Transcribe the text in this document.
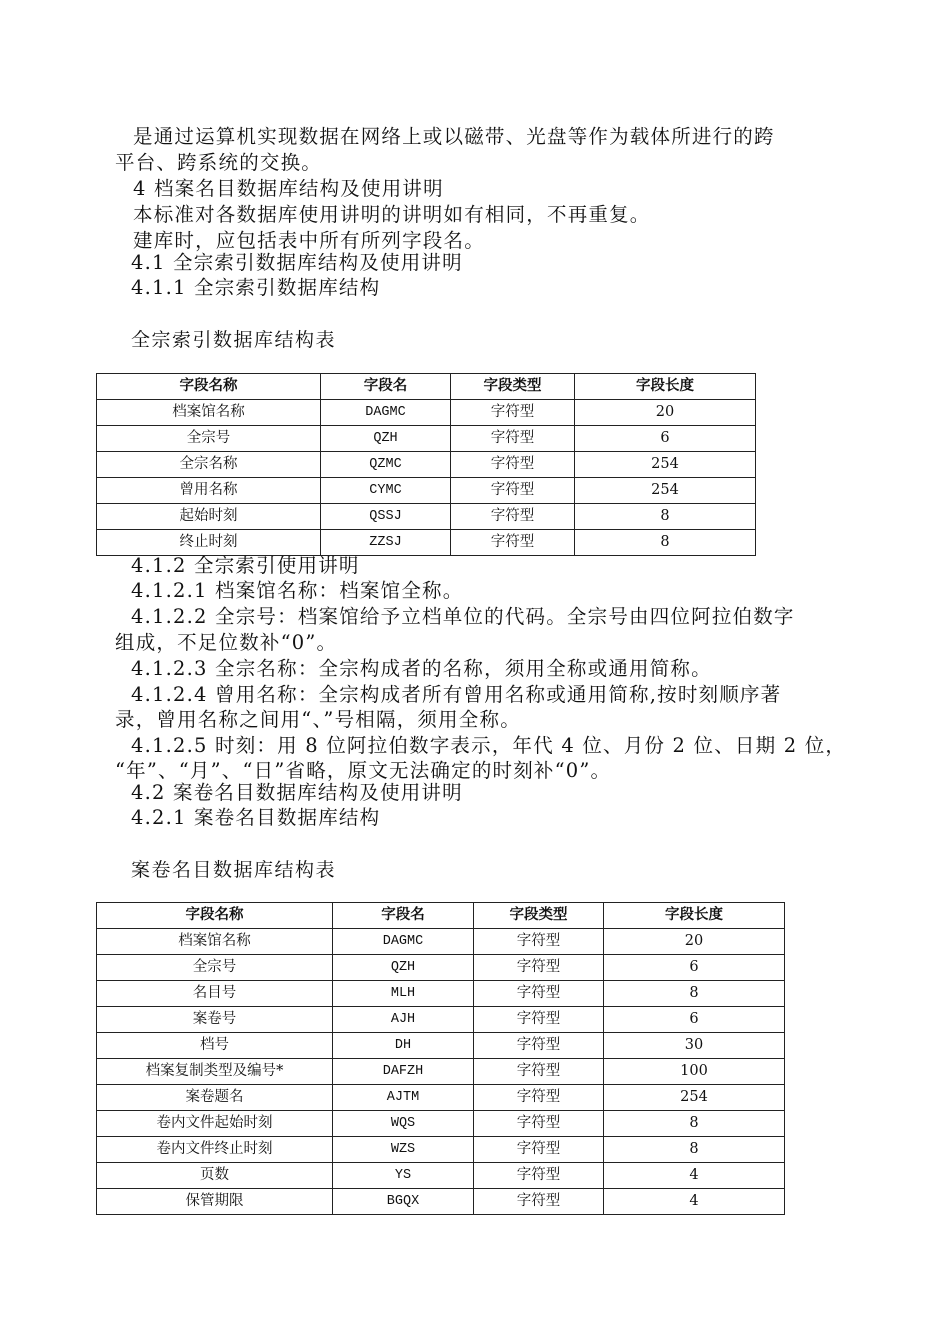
是通过运算机实现数据在网络上或以磁带、光盘等作为载体所进行的跨
平台、跨系统的交换。
4 档案名目数据库结构及使用讲明
本标准对各数据库使用讲明的讲明如有相同，不再重复。
建库时，应包括表中所有所列字段名。
4.1 全宗索引数据库结构及使用讲明
4.1.1 全宗索引数据库结构
全宗索引数据库结构表
字段名称	字段名	字段类型	字段长度
档案馆名称	DAGMC	字符型	20
全宗号	QZH	字符型	6
全宗名称	QZMC	字符型	254
曾用名称	CYMC	字符型	254
起始时刻	QSSJ	字符型	8
终止时刻	ZZSJ	字符型	8
4.1.2 全宗索引使用讲明
4.1.2.1 档案馆名称：档案馆全称。
4.1.2.2 全宗号：档案馆给予立档单位的代码。全宗号由四位阿拉伯数字
组成，不足位数补“0”。
4.1.2.3 全宗名称：全宗构成者的名称，须用全称或通用简称。
4.1.2.4 曾用名称：全宗构成者所有曾用名称或通用简称,按时刻顺序著
录，曾用名称之间用“、”号相隔，须用全称。
4.1.2.5 时刻：用 8 位阿拉伯数字表示，年代 4 位、月份 2 位、日期 2 位，
“年”、“月”、“日”省略，原文无法确定的时刻补“0”。
4.2 案卷名目数据库结构及使用讲明
4.2.1 案卷名目数据库结构
案卷名目数据库结构表
字段名称	字段名	字段类型	字段长度
档案馆名称	DAGMC	字符型	20
全宗号	QZH	字符型	6
名目号	MLH	字符型	8
案卷号	AJH	字符型	6
档号	DH	字符型	30
档案复制类型及编号*	DAFZH	字符型	100
案卷题名	AJTM	字符型	254
卷内文件起始时刻	WQS	字符型	8
卷内文件终止时刻	WZS	字符型	8
页数	YS	字符型	4
保管期限	BGQX	字符型	4
